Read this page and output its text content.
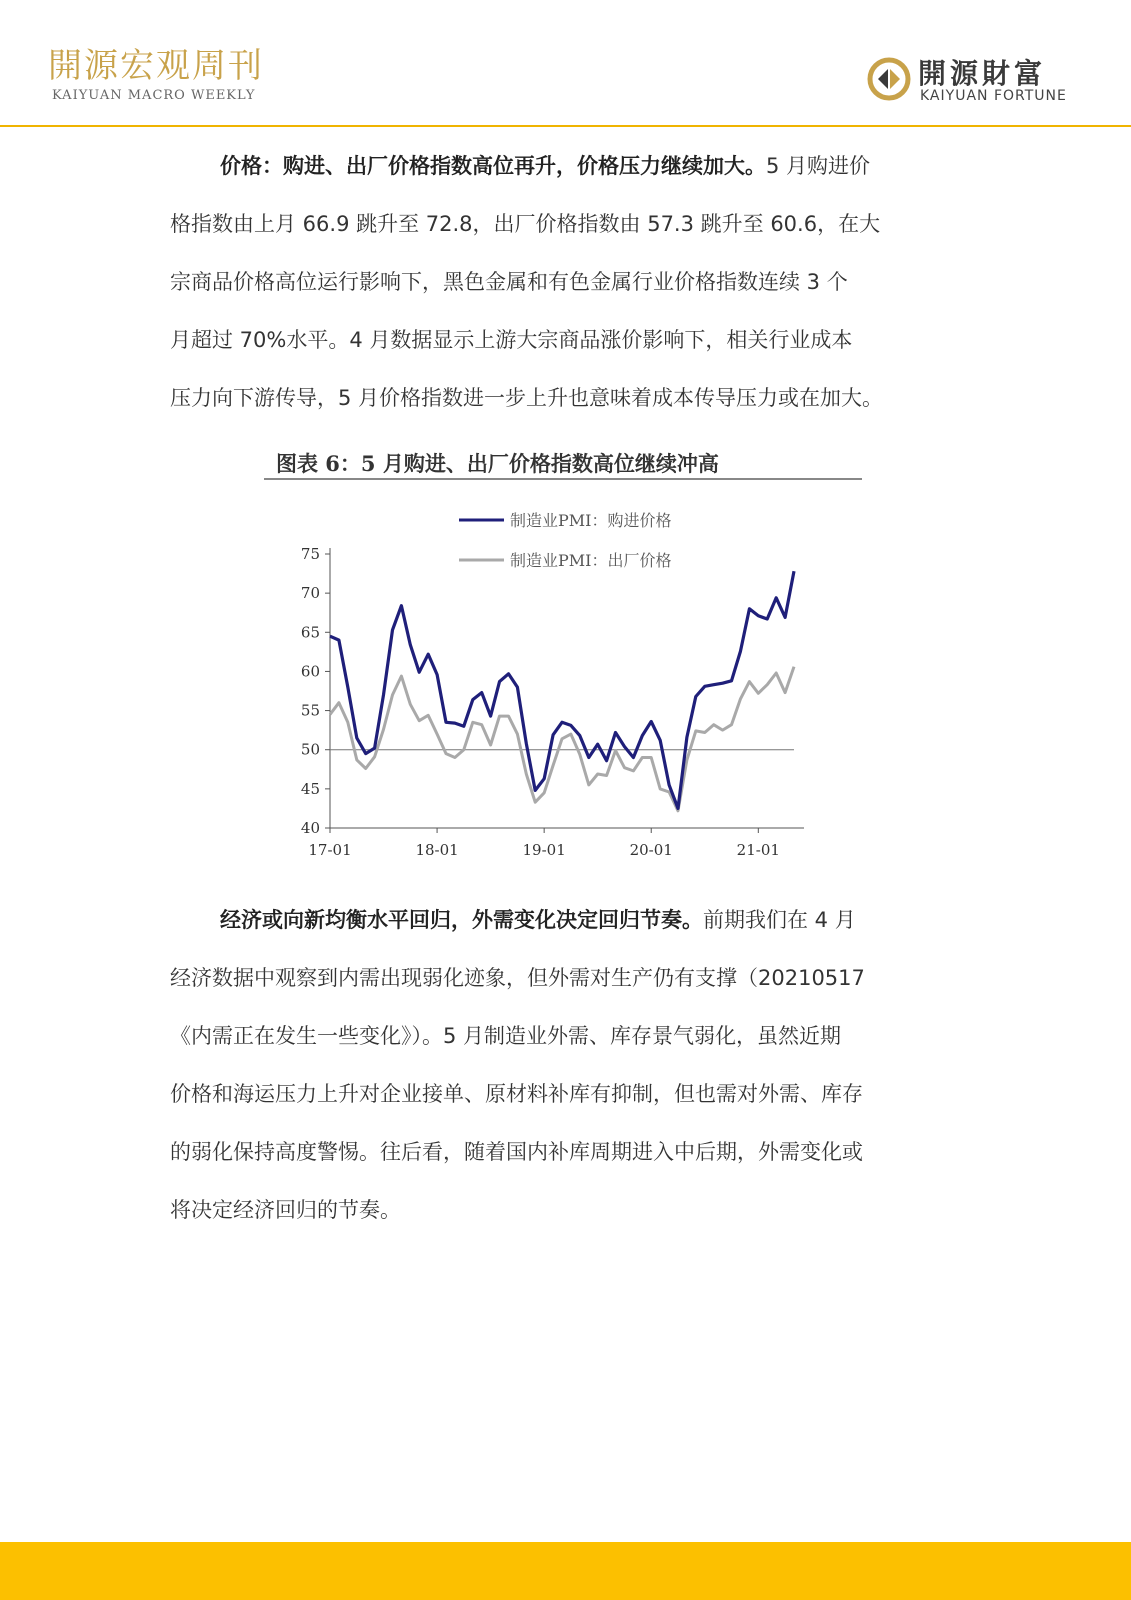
開源宏观周刊
KAIYUAN MACRO WEEKLY
開源財富
KAIYUAN FORTUNE
价格：购进、出厂价格指数高位再升，价格压力继续加大。5 月购进价
格指数由上月 66.9 跳升至 72.8，出厂价格指数由 57.3 跳升至 60.6，在大
宗商品价格高位运行影响下，黑色金属和有色金属行业价格指数连续 3 个
月超过 70%水平。4 月数据显示上游大宗商品涨价影响下，相关行业成本
压力向下游传导，5 月价格指数进一步上升也意味着成本传导压力或在加大。
图表 6：5 月购进、出厂价格指数高位继续冲高
40
45
50
55
60
65
70
75
17-01	18-01	19-01	20-01	21-01
制造业PMI：购进价格
制造业PMI：出厂价格
经济或向新均衡水平回归，外需变化决定回归节奏。前期我们在 4 月
经济数据中观察到内需出现弱化迹象，但外需对生产仍有支撑（20210517
《内需正在发生一些变化》）。5 月制造业外需、库存景气弱化，虽然近期
价格和海运压力上升对企业接单、原材料补库有抑制，但也需对外需、库存
的弱化保持高度警惕。往后看，随着国内补库周期进入中后期，外需变化或
将决定经济回归的节奏。
